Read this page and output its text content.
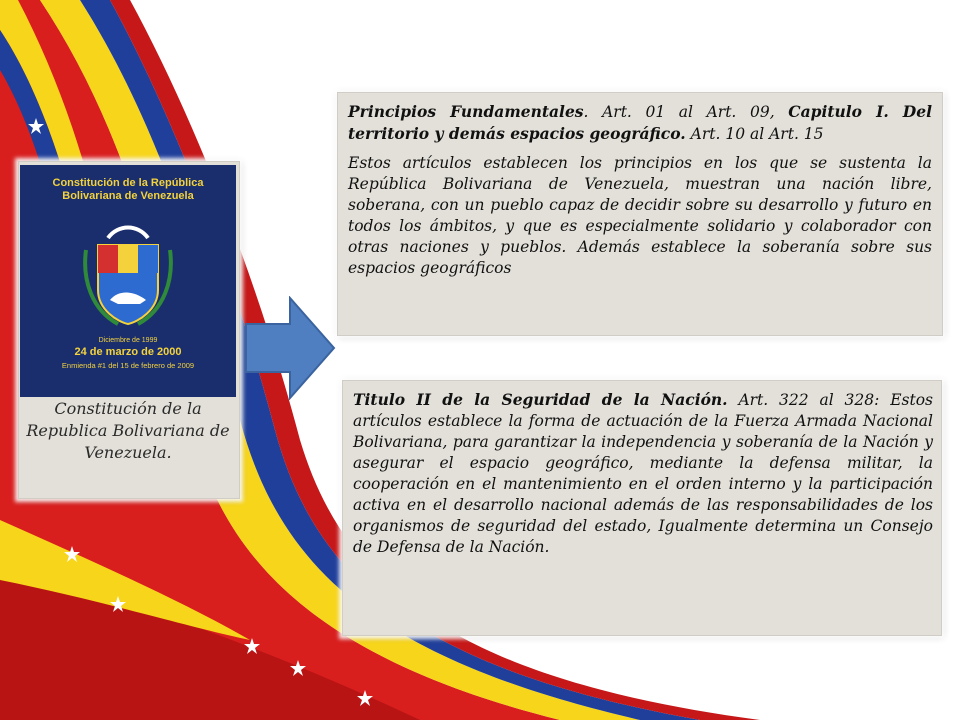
Constitución de la República Bolivariana de Venezuela
Diciembre de 1999
24 de marzo de 2000
Enmienda #1 del 15 de febrero de 2009
Constitución de la Republica Bolivariana de Venezuela.

Principios Fundamentales. Art. 01 al Art. 09, Capitulo I. Del territorio y demás espacios geográfico. Art. 10 al Art. 15

Estos artículos establecen los principios en los que se sustenta la República Bolivariana de Venezuela, muestran una nación libre, soberana, con un pueblo capaz de decidir sobre su desarrollo y futuro en todos los ámbitos, y que es especialmente solidario y colaborador con otras naciones y pueblos. Además establece la soberanía sobre sus espacios geográficos

Titulo II de la Seguridad de la Nación. Art. 322 al 328: Estos artículos establece la forma de actuación de la Fuerza Armada Nacional Bolivariana, para garantizar la independencia y soberanía de la Nación y asegurar el espacio geográfico, mediante la defensa militar, la cooperación en el mantenimiento en el orden interno y la participación activa en el desarrollo nacional además de las responsabilidades de los organismos de seguridad del estado, Igualmente determina un Consejo de Defensa de la Nación.
